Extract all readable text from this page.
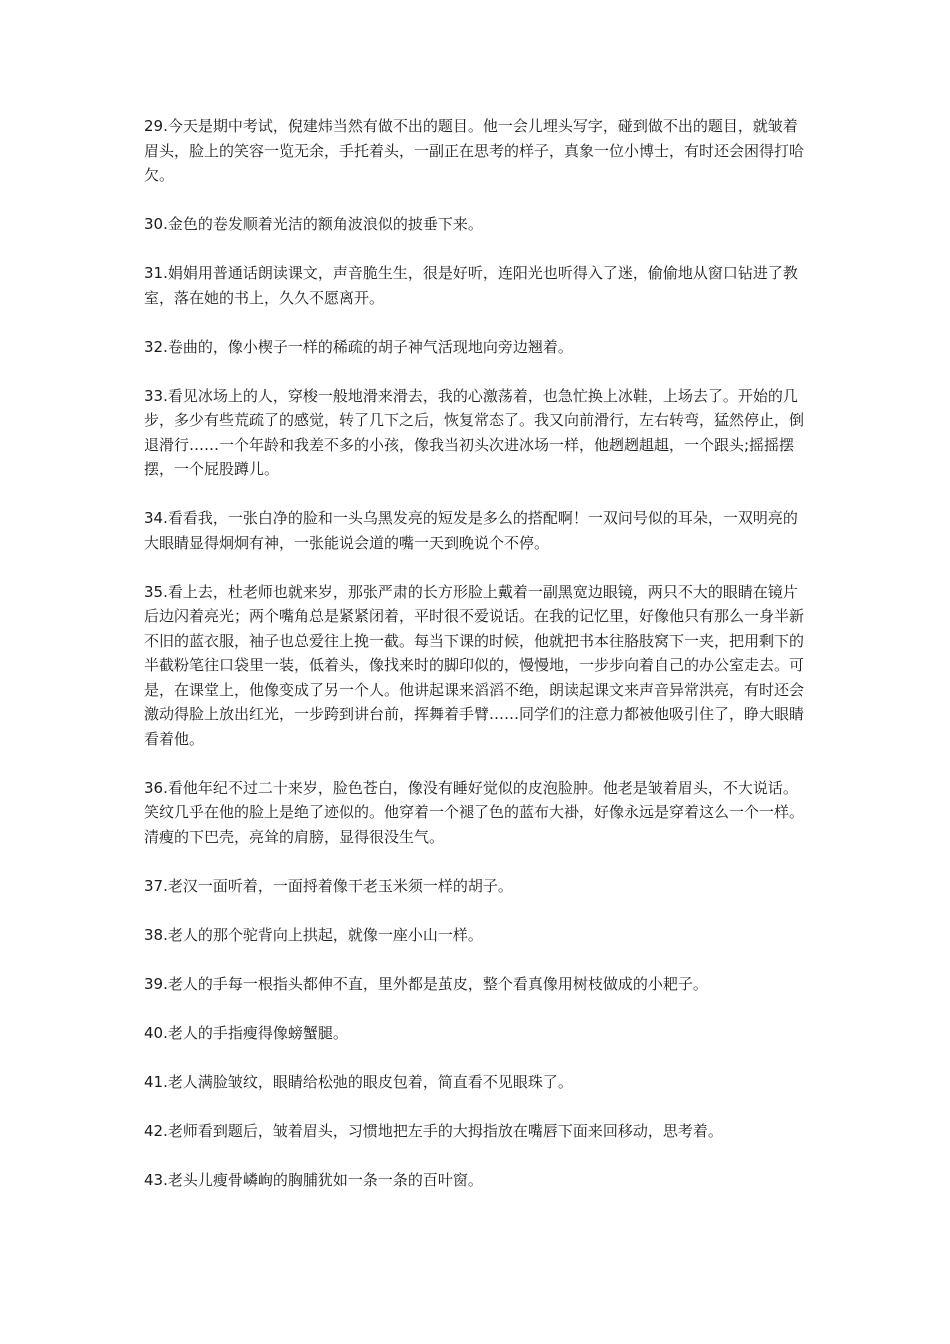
29.今天是期中考试，倪建炜当然有做不出的题目。他一会儿埋头写字，碰到做不出的题目，就皱着眉头，脸上的笑容一览无余，手托着头，一副正在思考的样子，真象一位小博士，有时还会困得打哈欠。

30.金色的卷发顺着光洁的额角波浪似的披垂下来。

31.娟娟用普通话朗读课文，声音脆生生，很是好听，连阳光也听得入了迷，偷偷地从窗口钻进了教室，落在她的书上，久久不愿离开。

32.卷曲的，像小楔子一样的稀疏的胡子神气活现地向旁边翘着。

33.看见冰场上的人，穿梭一般地滑来滑去，我的心激荡着，也急忙换上冰鞋，上场去了。开始的几步，多少有些荒疏了的感觉，转了几下之后，恢复常态了。我又向前滑行，左右转弯，猛然停止，倒退滑行……一个年龄和我差不多的小孩，像我当初头次进冰场一样，他趔趔趄趄，一个跟头;摇摇摆摆，一个屁股蹲儿。

34.看看我，一张白净的脸和一头乌黑发亮的短发是多么的搭配啊！一双问号似的耳朵，一双明亮的大眼睛显得炯炯有神，一张能说会道的嘴一天到晚说个不停。

35.看上去，杜老师也就来岁，那张严肃的长方形脸上戴着一副黑宽边眼镜，两只不大的眼睛在镜片后边闪着亮光；两个嘴角总是紧紧闭着，平时很不爱说话。在我的记忆里，好像他只有那么一身半新不旧的蓝衣服，袖子也总爱往上挽一截。每当下课的时候，他就把书本往胳肢窝下一夹，把用剩下的半截粉笔往口袋里一装，低着头，像找来时的脚印似的，慢慢地，一步步向着自己的办公室走去。可是，在课堂上，他像变成了另一个人。他讲起课来滔滔不绝，朗读起课文来声音异常洪亮，有时还会激动得脸上放出红光，一步跨到讲台前，挥舞着手臂……同学们的注意力都被他吸引住了，睁大眼睛看着他。

36.看他年纪不过二十来岁，脸色苍白，像没有睡好觉似的皮泡脸肿。他老是皱着眉头，不大说话。笑纹几乎在他的脸上是绝了迹似的。他穿着一个褪了色的蓝布大褂，好像永远是穿着这么一个一样。清瘦的下巴壳，亮耸的肩膀，显得很没生气。

37.老汉一面听着，一面捋着像干老玉米须一样的胡子。

38.老人的那个驼背向上拱起，就像一座小山一样。

39.老人的手每一根指头都伸不直，里外都是茧皮，整个看真像用树枝做成的小耙子。

40.老人的手指瘦得像螃蟹腿。

41.老人满脸皱纹，眼睛给松弛的眼皮包着，简直看不见眼珠了。

42.老师看到题后，皱着眉头，习惯地把左手的大拇指放在嘴唇下面来回移动，思考着。

43.老头儿瘦骨嶙峋的胸脯犹如一条一条的百叶窗。
